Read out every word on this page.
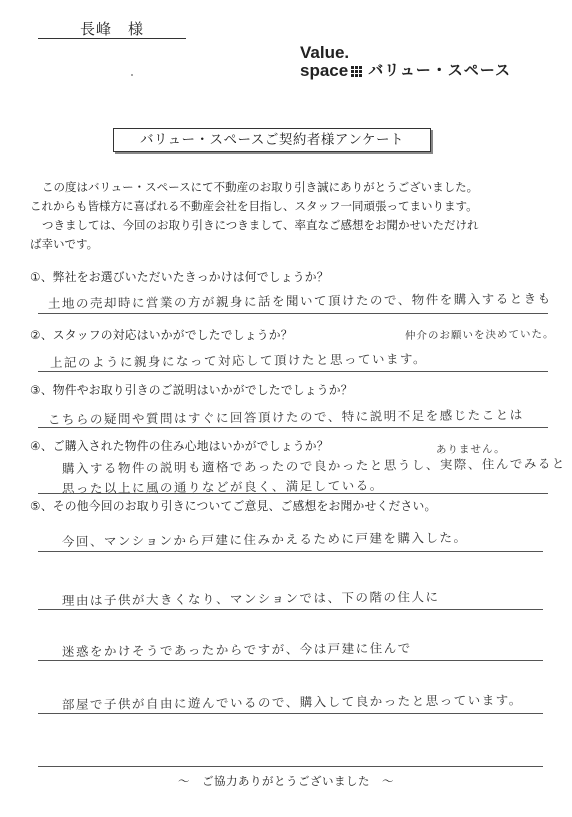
長峰　様
Value.
space バリュー・スペース
バリュー・スペースご契約者様アンケート

この度はバリュー・スペースにて不動産のお取り引き誠にありがとうございました。

これからも皆様方に喜ばれる不動産会社を目指し、スタッフ一同頑張ってまいります。

つきましては、今回のお取り引きにつきまして、率直なご感想をお聞かせいただけれ

ば幸いです。

①、弊社をお選びいただいたきっかけは何でしょうか？
土地の売却時に営業の方が親身に話を聞いて頂けたので、物件を購入するときも
仲介のお願いを決めていた。
②、スタッフの対応はいかがでしたでしょうか？
上記のように親身になって対応して頂けたと思っています。
③、物件やお取り引きのご説明はいかがでしたでしょうか？
こちらの疑問や質問はすぐに回答頂けたので、特に説明不足を感じたことは
ありません。
④、ご購入された物件の住み心地はいかがでしょうか？
購入する物件の説明も適格であったので良かったと思うし、実際、住んでみると
思った以上に風の通りなどが良く、満足している。
⑤、その他今回のお取り引きについてご意見、ご感想をお聞かせください。
今回、マンションから戸建に住みかえるために戸建を購入した。
理由は子供が大きくなり、マンションでは、下の階の住人に
迷惑をかけそうであったからですが、今は戸建に住んで
部屋で子供が自由に遊んでいるので、購入して良かったと思っています。
～　ご協力ありがとうございました　～
